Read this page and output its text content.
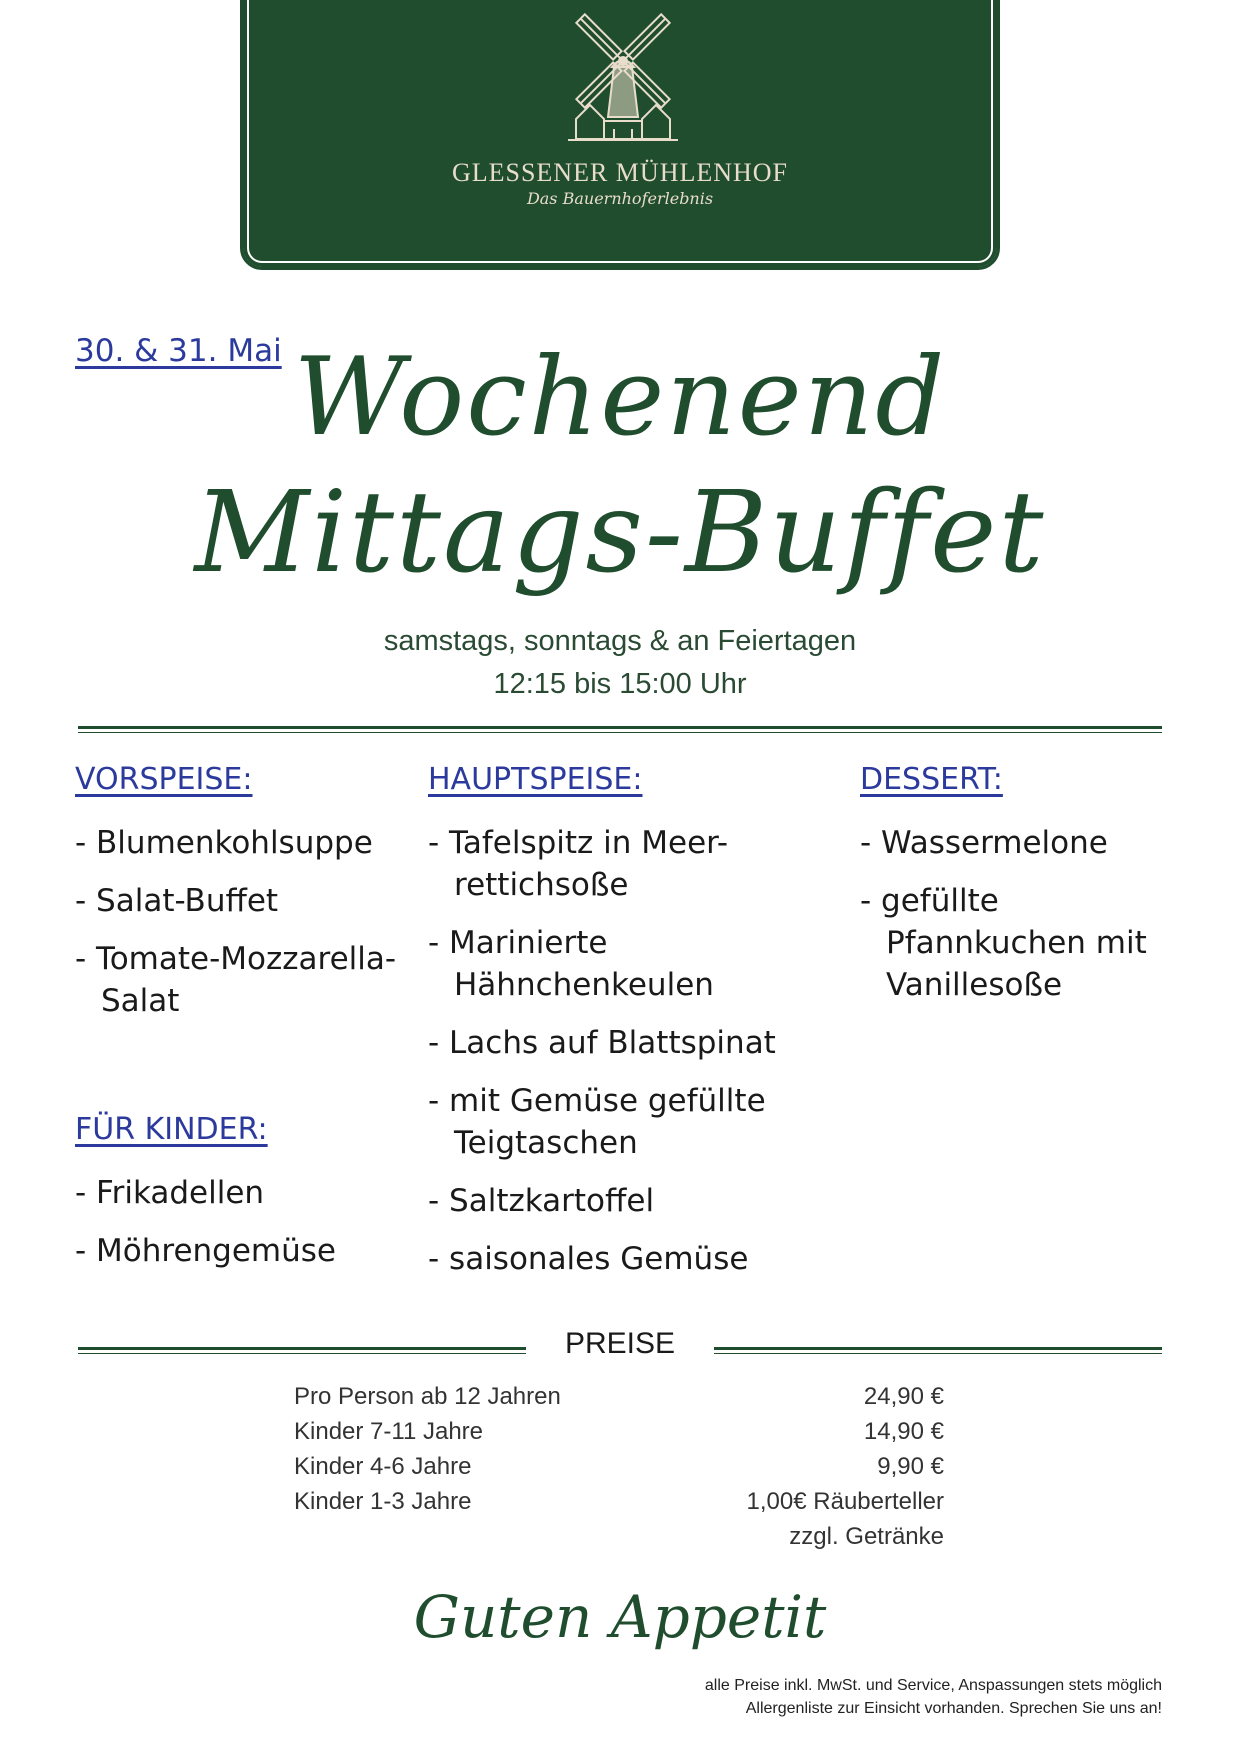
GLESSENER MÜHLENHOF
Das Bauernhoferlebnis
30. & 31. Mai Wochenend
Mittags-Buffet
samstags, sonntags & an Feiertagen
12:15 bis 15:00 Uhr
VORSPEISE:
- Blumenkohlsuppe
- Salat-Buffet
- Tomate-Mozzarella-Salat
FÜR KINDER:
- Frikadellen
- Möhrengemüse
HAUPTSPEISE:
- Tafelspitz in Meer-rettichsoße
- Marinierte Hähnchenkeulen
- Lachs auf Blattspinat
- mit Gemüse gefüllte Teigtaschen
- Saltzkartoffel
- saisonales Gemüse
DESSERT:
- Wassermelone
- gefüllte Pfannkuchen mit Vanillesoße
PREISE
Pro Person ab 12 Jahren	24,90 €
Kinder 7-11 Jahre	14,90 €
Kinder 4-6 Jahre	9,90 €
Kinder 1-3 Jahre	1,00€ Räuberteller
zzgl. Getränke
Guten Appetit
alle Preise inkl. MwSt. und Service, Anspassungen stets möglich
Allergenliste zur Einsicht vorhanden. Sprechen Sie uns an!
